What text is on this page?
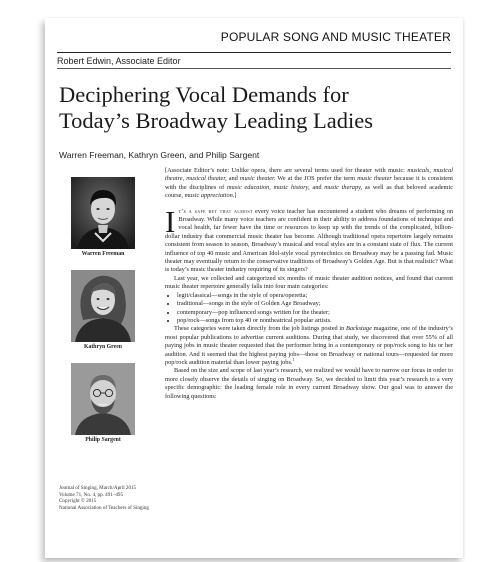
POPULAR SONG AND MUSIC THEATER
Robert Edwin, Associate Editor
Deciphering Vocal Demands for
Today’s Broadway Leading Ladies
Warren Freeman, Kathryn Green, and Philip Sargent
Warren Freeman
Kathryn Green
Philip Sargent
Journal of Singing, March/April 2015
Volume 71, No. 4, pp. 491–495
Copyright © 2015
National Association of Teachers of Singing

[Associate Editor’s note: Unlike opera, there are several terms used for theater with music: musicals, musical theatre, musical theater, and music theater. We at the JOS prefer the term music theater because it is consistent with the disciplines of music education, music history, and music therapy, as well as that beloved academic course, music appreciation.]

It’s a safe bet that almost every voice teacher has encountered a student who dreams of performing on Broadway. While many voice teachers are confident in their ability to address foundations of technique and vocal health, far fewer have the time or resources to keep up with the trends of the complicated, billion-dollar industry that commercial music theater has become. Although traditional opera repertoire largely remains consistent from season to season, Broadway’s musical and vocal styles are in a constant state of flux. The current influence of top 40 music and American Idol-style vocal pyrotechnics on Broadway may be a passing fad. Music theater may eventually return to the conservative traditions of Broadway’s Golden Age. But is that realistic? What is today’s music theater industry requiring of its singers?

Last year, we collected and categorized six months of music theater audition notices, and found that current music theater repertoire generally falls into four main categories:

• legit/classical—songs in the style of opera/operetta;
• traditional—songs in the style of Golden Age Broadway;
• contemporary—pop influenced songs written for the theater;
• pop/rock—songs from top 40 or nontheatrical popular artists.

These categories were taken directly from the job listings posted in Backstage magazine, one of the industry’s most popular publications to advertise current auditions. During that study, we discovered that over 55% of all paying jobs in music theater requested that the performer bring in a contemporary or pop/rock song to his or her audition. And it seemed that the highest paying jobs—those on Broadway or national tours—requested far more pop/rock audition material than lower paying jobs.$^1$

Based on the size and scope of last year’s research, we realized we would have to narrow our focus in order to more closely observe the details of singing on Broadway. So, we decided to limit this year’s research to a very specific demographic: the leading female role in every current Broadway show. Our goal was to answer the following questions:
